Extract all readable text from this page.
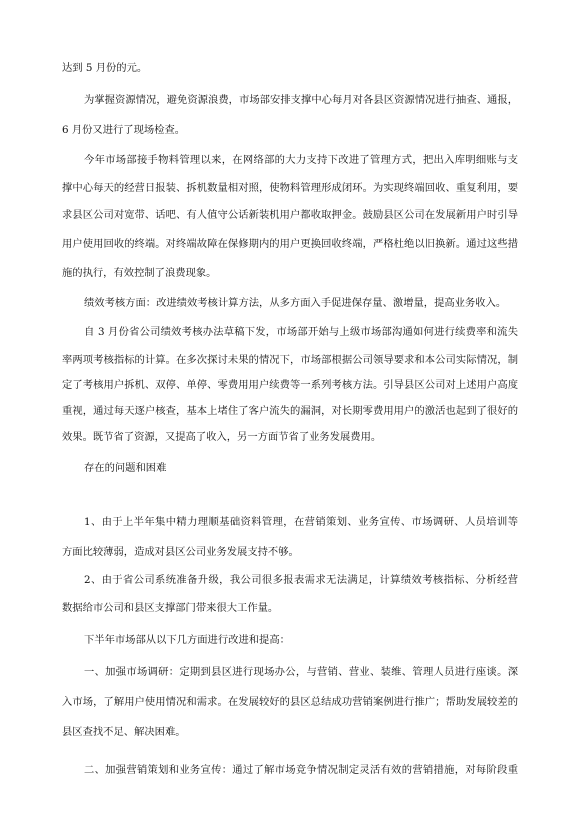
达到 5 月份的元。
为掌握资源情况，避免资源浪费，市场部安排支撑中心每月对各县区资源情况进行抽查、通报，
6 月份又进行了现场检查。
今年市场部接手物料管理以来，在网络部的大力支持下改进了管理方式，把出入库明细账与支
撑中心每天的经营日报装、拆机数量相对照，使物料管理形成闭环。为实现终端回收、重复利用，要
求县区公司对宽带、话吧、有人值守公话新装机用户都收取押金。鼓励县区公司在发展新用户时引导
用户使用回收的终端。对终端故障在保修期内的用户更换回收终端，严格杜绝以旧换新。通过这些措
施的执行，有效控制了浪费现象。
绩效考核方面：改进绩效考核计算方法，从多方面入手促进保存量、激增量，提高业务收入。
自 3 月份省公司绩效考核办法草稿下发，市场部开始与上级市场部沟通如何进行续费率和流失
率两项考核指标的计算。在多次探讨未果的情况下，市场部根据公司领导要求和本公司实际情况，制
定了考核用户拆机、双停、单停、零费用用户续费等一系列考核方法。引导县区公司对上述用户高度
重视，通过每天逐户核查，基本上堵住了客户流失的漏洞，对长期零费用用户的激活也起到了很好的
效果。既节省了资源，又提高了收入，另一方面节省了业务发展费用。
存在的问题和困难
1、由于上半年集中精力理顺基础资料管理，在营销策划、业务宣传、市场调研、人员培训等
方面比较薄弱，造成对县区公司业务发展支持不够。
2、由于省公司系统准备升级，我公司很多报表需求无法满足，计算绩效考核指标、分析经营
数据给市公司和县区支撑部门带来很大工作量。
下半年市场部从以下几方面进行改进和提高：
一、加强市场调研：定期到县区进行现场办公，与营销、营业、装维、管理人员进行座谈。深
入市场，了解用户使用情况和需求。在发展较好的县区总结成功营销案例进行推广；帮助发展较差的
县区查找不足、解决困难。
二、加强营销策划和业务宣传：通过了解市场竞争情况制定灵活有效的营销措施，对每阶段重
